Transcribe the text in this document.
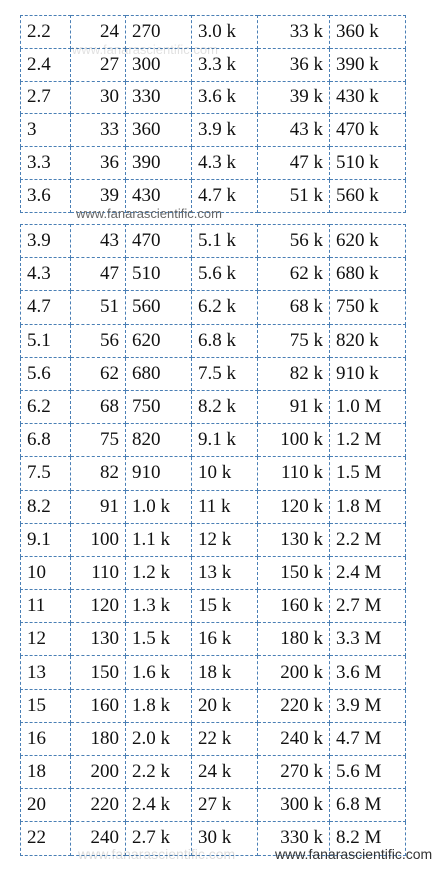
2.2	24	270	3.0 k	33 k	360 k
2.4	27	300	3.3 k	36 k	390 k
2.7	30	330	3.6 k	39 k	430 k
3	33	360	3.9 k	43 k	470 k
3.3	36	390	4.3 k	47 k	510 k
3.6	39	430	4.7 k	51 k	560 k
3.9	43	470	5.1 k	56 k	620 k
4.3	47	510	5.6 k	62 k	680 k
4.7	51	560	6.2 k	68 k	750 k
5.1	56	620	6.8 k	75 k	820 k
5.6	62	680	7.5 k	82 k	910 k
6.2	68	750	8.2 k	91 k	1.0 M
6.8	75	820	9.1 k	100 k	1.2 M
7.5	82	910	10 k	110 k	1.5 M
8.2	91	1.0 k	11 k	120 k	1.8 M
9.1	100	1.1 k	12 k	130 k	2.2 M
10	110	1.2 k	13 k	150 k	2.4 M
11	120	1.3 k	15 k	160 k	2.7 M
12	130	1.5 k	16 k	180 k	3.3 M
13	150	1.6 k	18 k	200 k	3.6 M
15	160	1.8 k	20 k	220 k	3.9 M
16	180	2.0 k	22 k	240 k	4.7 M
18	200	2.2 k	24 k	270 k	5.6 M
20	220	2.4 k	27 k	300 k	6.8 M
22	240	2.7 k	30 k	330 k	8.2 M
www.fanarascientific.com
www.fanarascientific.com
www.fanarascientific.com	www.fanarascientific.com
